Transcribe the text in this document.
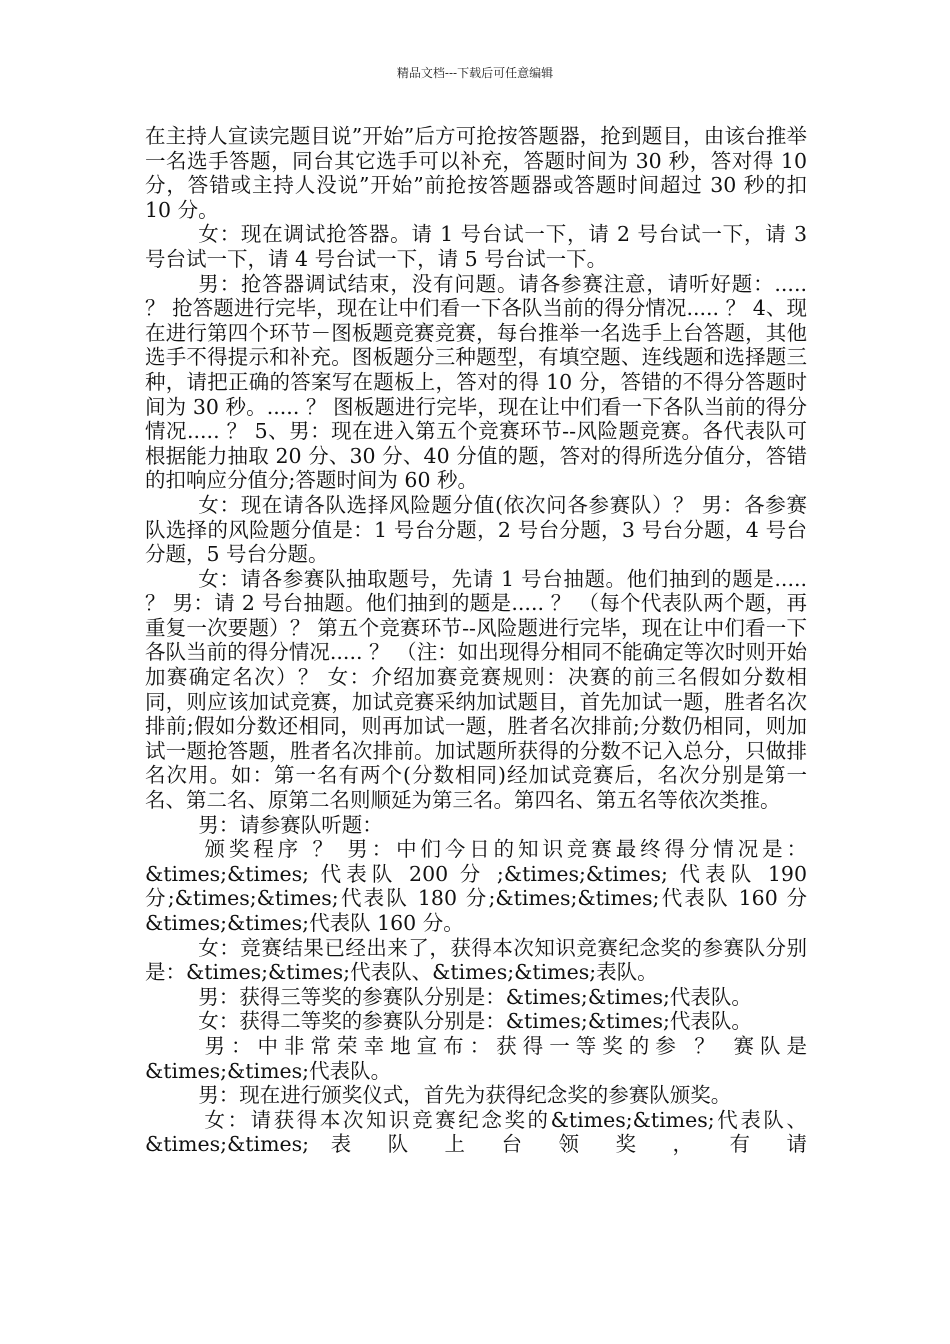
精品文档---下载后可任意编辑

在主持人宣读完题目说”开始”后方可抢按答题器，抢到题目，由该台推举一名选手答题，同台其它选手可以补充，答题时间为 30 秒，答对得 10 分，答错或主持人没说”开始”前抢按答题器或答题时间超过 30 秒的扣 10 分。

女：现在调试抢答器。请 1 号台试一下，请 2 号台试一下，请 3 号台试一下，请 4 号台试一下，请 5 号台试一下。

男：抢答器调试结束，没有问题。请各参赛注意，请听好题：..... ？ 抢答题进行完毕，现在让中们看一下各队当前的得分情况..... ？ 4、现在进行第四个环节－图板题竞赛竞赛，每台推举一名选手上台答题，其他选手不得提示和补充。图板题分三种题型，有填空题、连线题和选择题三种，请把正确的答案写在题板上，答对的得 10 分，答错的不得分答题时间为 30 秒。..... ？ 图板题进行完毕，现在让中们看一下各队当前的得分情况..... ？ 5、男：现在进入第五个竞赛环节--风险题竞赛。各代表队可根据能力抽取 20 分、30 分、40 分值的题，答对的得所选分值分，答错的扣响应分值分;答题时间为 60 秒。

女：现在请各队选择风险题分值(依次问各参赛队）？ 男：各参赛队选择的风险题分值是：1 号台分题，2 号台分题，3 号台分题，4 号台分题，5 号台分题。

女：请各参赛队抽取题号，先请 1 号台抽题。他们抽到的题是..... ？ 男：请 2 号台抽题。他们抽到的题是..... ？ （每个代表队两个题，再重复一次要题）？ 第五个竞赛环节--风险题进行完毕，现在让中们看一下各队当前的得分情况..... ？ （注：如出现得分相同不能确定等次时则开始加赛确定名次）？ 女：介绍加赛竞赛规则：决赛的前三名假如分数相同，则应该加试竞赛，加试竞赛采纳加试题目，首先加试一题，胜者名次排前;假如分数还相同，则再加试一题，胜者名次排前;分数仍相同，则加试一题抢答题，胜者名次排前。加试题所获得的分数不记入总分，只做排名次用。如：第一名有两个(分数相同)经加试竞赛后，名次分别是第一名、第二名、原第二名则顺延为第三名。第四名、第五名等依次类推。

男：请参赛队听题：

颁奖程序 ？ 男：中们今日的知识竞赛最终得分情况是：&times;&times; 代表队 200 分 ;&times;&times; 代表队 190 分;&times;&times;代表队 180 分;&times;&times;代表队 160 分&times;&times;代表队 160 分。

女：竞赛结果已经出来了，获得本次知识竞赛纪念奖的参赛队分别是：&times;&times;代表队、&times;&times;表队。

男：获得三等奖的参赛队分别是：&times;&times;代表队。

女：获得二等奖的参赛队分别是：&times;&times;代表队。

男：中非常荣幸地宣布：获得一等奖的参 ？ 赛队是&times;&times;代表队。

男：现在进行颁奖仪式，首先为获得纪念奖的参赛队颁奖。

女：请获得本次知识竞赛纪念奖的&times;&times;代表队、&times;&times; 表 队 上 台 领 奖 ， 有 请
